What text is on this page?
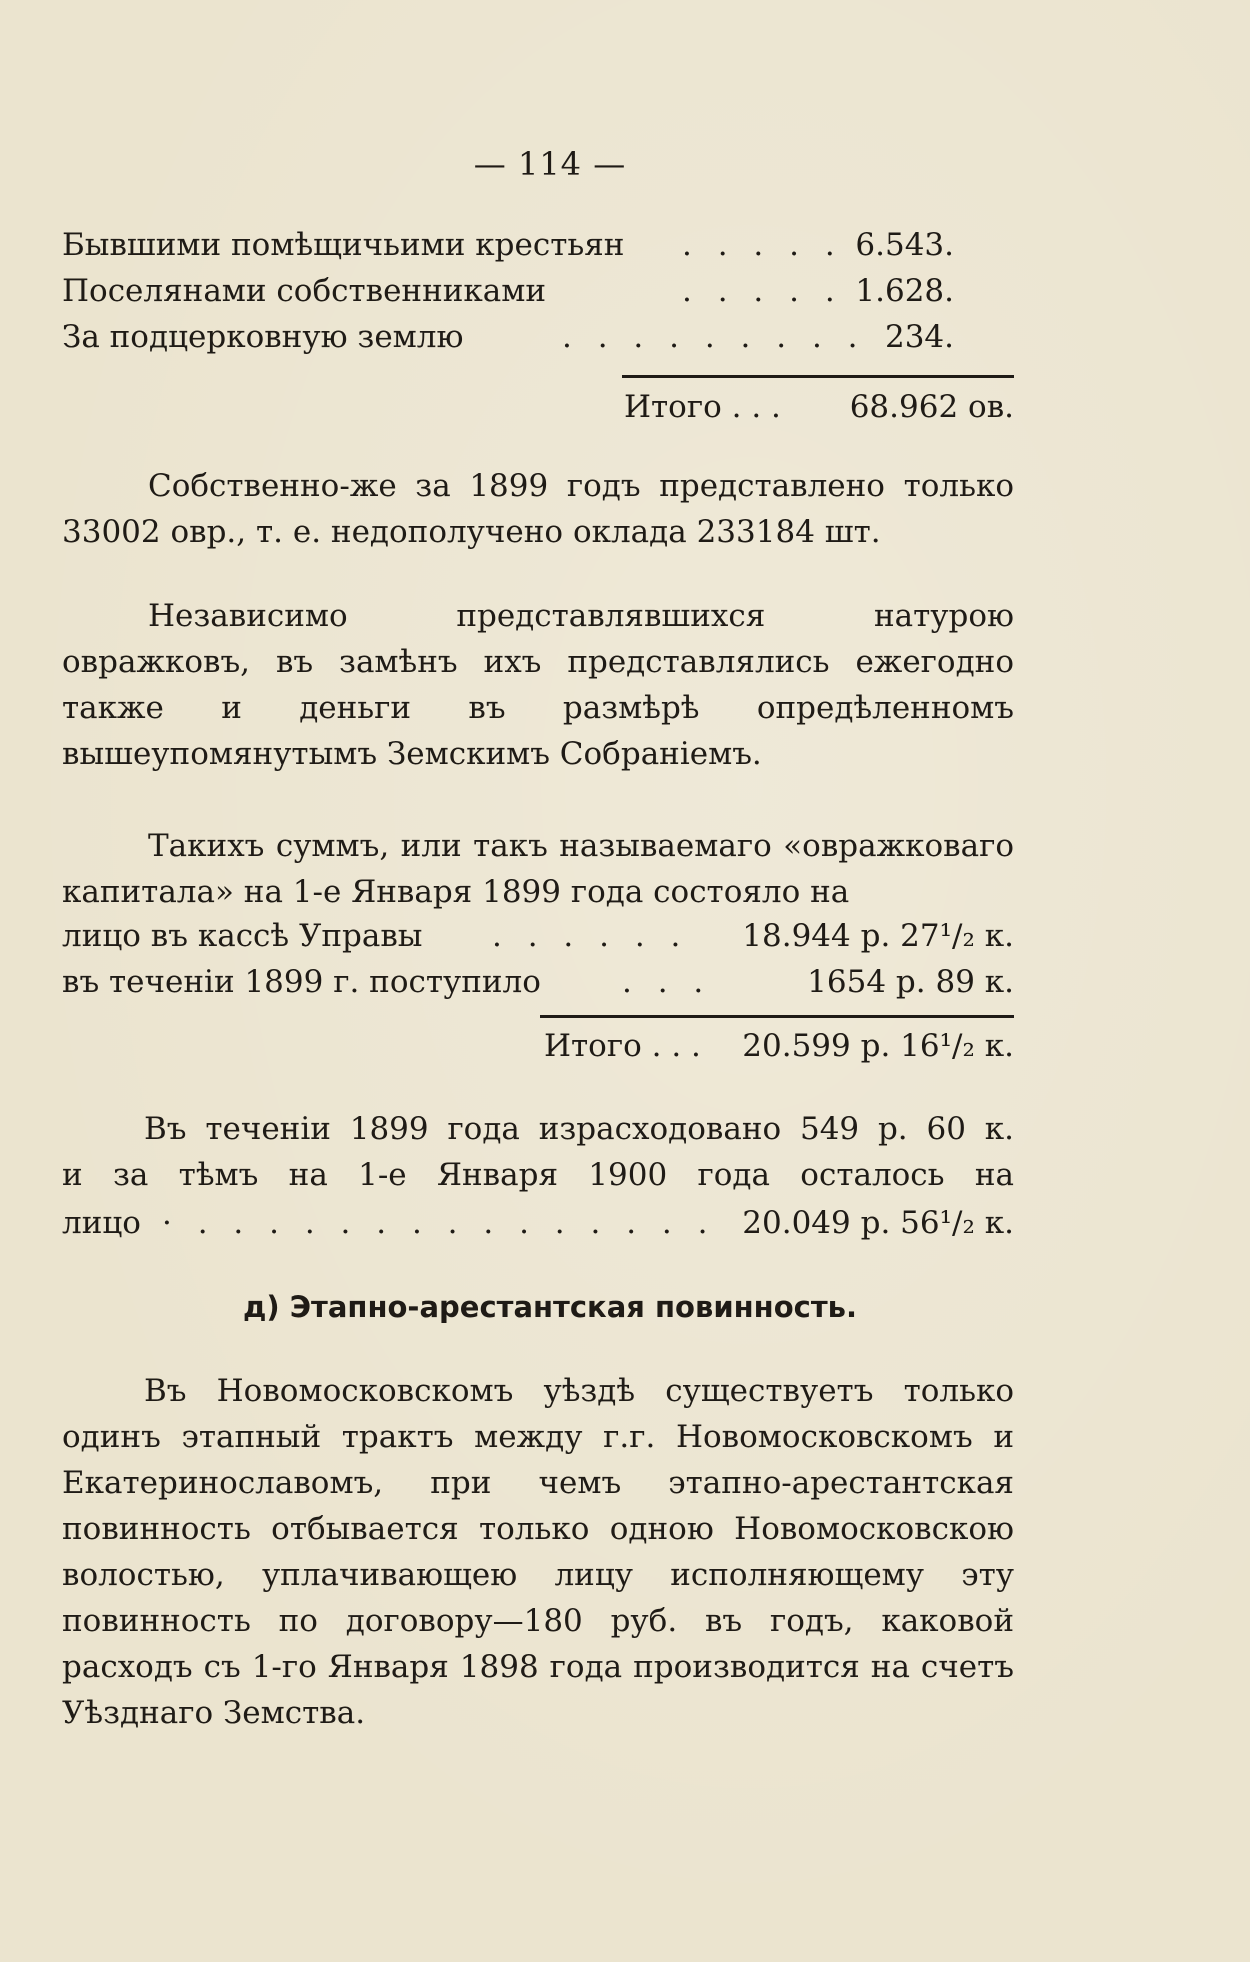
— 114 —
Бывшими помѣщичьими крестьян . . . . . 6.543.
Поселянами собственниками	. . . . . 1.628.
За подцерковную землю	. . . . . . . . . 234.
Итого . . . 68.962 ов.
Собственно-же за 1899 годъ представлено только 33002 овр., т. е. недополучено оклада 233184 шт.
Независимо представлявшихся натурою овражковъ, въ замѣнъ ихъ представлялись ежегодно также и деньги въ размѣрѣ опредѣленномъ вышеупомянутымъ Земскимъ Собраніемъ.
Такихъ суммъ, или такъ называемаго «овражковаго капитала» на 1-е Января 1899 года состояло на
лицо въ кассѣ Управы . . . . . . 18.944 р. 27¹/₂ к.
въ теченіи 1899 г. поступило	. . .	1654 р. 89 к.
Итого . . . 20.599 р. 16¹/₂ к.
Въ теченіи 1899 года израсходовано 549 р. 60 к.
и за тѣмъ на 1-е Января 1900 года осталось на
лицо · . . . . . . . . . . . . . . . 20.049 р. 56¹/₂ к.
д) Этапно-арестантская повинность.
Въ Новомосковскомъ уѣздѣ существуетъ только одинъ этапный трактъ между г.г. Новомосковскомъ и Екатеринославомъ, при чемъ этапно-арестантская повинность отбывается только одною Новомосковскою волостью, уплачивающею лицу исполняющему эту повинность по договору—180 руб. въ годъ, каковой расходъ съ 1-го Января 1898 года производится на счетъ Уѣзднаго Земства.
